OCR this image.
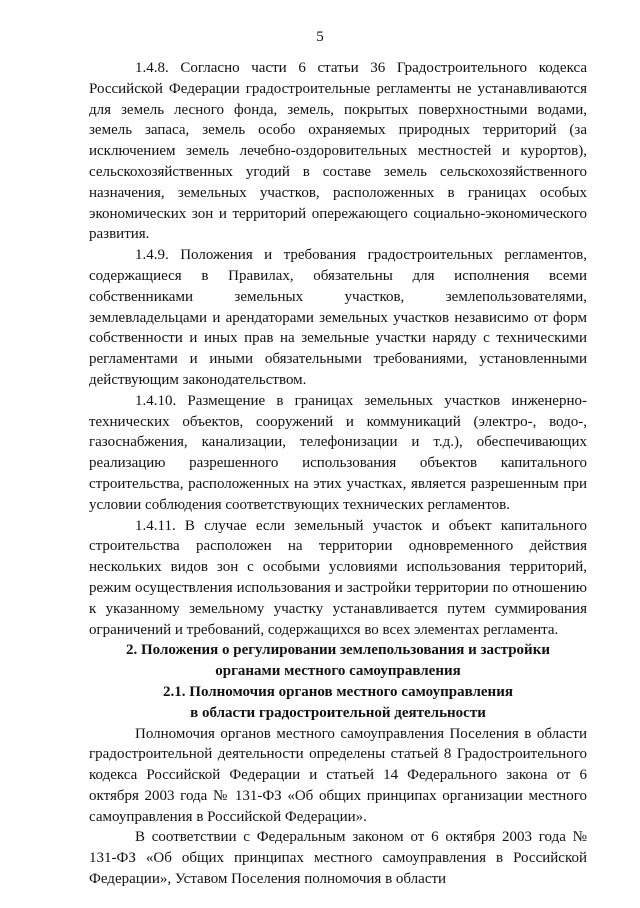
5

1.4.8. Согласно части 6 статьи 36 Градостроительного кодекса Российской Федерации градостроительные регламенты не устанавливаются для земель лесного фонда, земель, покрытых поверхностными водами, земель запаса, земель особо охраняемых природных территорий (за исключением земель лечебно-оздоровительных местностей и курортов), сельскохозяйственных угодий в составе земель сельскохозяйственного назначения, земельных участков, расположенных в границах особых экономических зон и территорий опережающего социально-экономического развития.

1.4.9. Положения и требования градостроительных регламентов, содержащиеся в Правилах, обязательны для исполнения всеми собственниками земельных участков, землепользователями, землевладельцами и арендаторами земельных участков независимо от форм собственности и иных прав на земельные участки наряду с техническими регламентами и иными обязательными требованиями, установленными действующим законодательством.

1.4.10. Размещение в границах земельных участков инженерно-технических объектов, сооружений и коммуникаций (электро-, водо-, газоснабжения, канализации, телефонизации и т.д.), обеспечивающих реализацию разрешенного использования объектов капитального строительства, расположенных на этих участках, является разрешенным при условии соблюдения соответствующих технических регламентов.

1.4.11. В случае если земельный участок и объект капитального строительства расположен на территории одновременного действия нескольких видов зон с особыми условиями использования территорий, режим осуществления использования и застройки территории по отношению к указанному земельному участку устанавливается путем суммирования ограничений и требований, содержащихся во всех элементах регламента.

2. Положения о регулировании землепользования и застройки
органами местного самоуправления
2.1. Полномочия органов местного самоуправления
в области градостроительной деятельности

Полномочия органов местного самоуправления Поселения в области градостроительной деятельности определены статьей 8 Градостроительного кодекса Российской Федерации и статьей 14 Федерального закона от 6 октября 2003 года № 131-ФЗ «Об общих принципах организации местного самоуправления в Российской Федерации».

В соответствии с Федеральным законом от 6 октября 2003 года № 131-ФЗ «Об общих принципах местного самоуправления в Российской Федерации», Уставом Поселения полномочия в области
